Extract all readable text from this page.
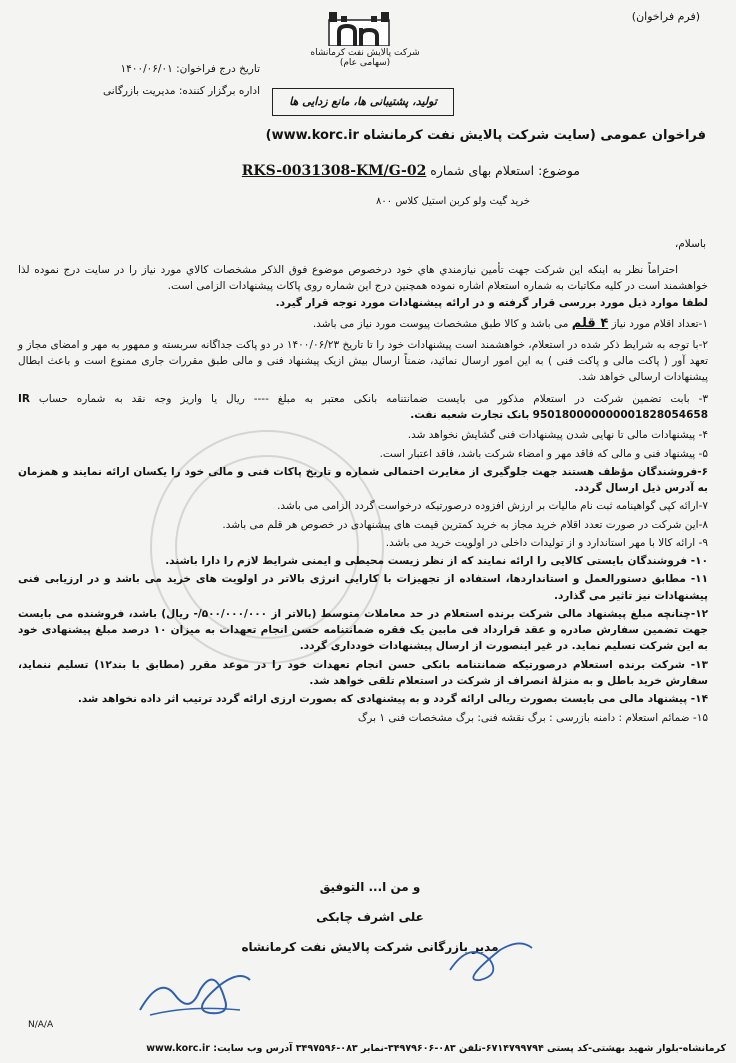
(فرم فراخوان)
شرکت پالایش نفت کرمانشاه (سهامی عام)
تولید، پشتیبانی ها، مانع زدایی ها
تاریخ درج فراخوان: ۱۴۰۰/۰۶/۰۱
اداره برگزار کننده: مدیریت بازرگانی
فراخوان عمومی (سایت شرکت پالایش نفت کرمانشاه www.korc.ir)
موضوع: استعلام بهای شماره RKS-0031308-KM/G-02
خرید گیت ولو کربن استیل کلاس ۸۰۰
باسلام،

احتراماً نظر به اینکه این شرکت جهت تأمین نیازمندي هاي خود درخصوص موضوع فوق الذکر مشخصات کالاي مورد نیاز را در سایت درج نموده لذا خواهشمند است در کلیه مکاتبات به شماره استعلام اشاره نموده همچنین درج این شماره روی پاکات پیشنهادات الزامی است.

لطفا موارد ذیل مورد بررسی قرار گرفته و در ارائه پیشنهادات مورد توجه قرار گیرد.

۱-تعداد اقلام مورد نیاز ۴ قلم می باشد و کالا طبق مشخصات پیوست مورد نیاز می باشد.

۲-با توجه به شرایط ذکر شده در استعلام، خواهشمند است پیشنهادات خود را تا تاریخ ۱۴۰۰/۰۶/۲۳ در دو پاکت جداگانه سربسته و ممهور به مهر و امضای مجاز و تعهد آور ( پاکت مالی و پاکت فنی ) به این امور ارسال نمائید، ضمناً ارسال بیش ازیک پیشنهاد فنی و مالی طبق مقررات جاری ممنوع است و باعث ابطال پیشنهادات ارسالی خواهد شد.

۳- بابت تضمین شرکت در استعلام مذکور می بایست ضمانتنامه بانکی معتبر به مبلغ ---- ریال یا واریز وجه نقد به شماره حساب IR 950180000000001828054658 بانک تجارت شعبه نفت.

۴- پیشنهادات مالی تا نهایی شدن پیشنهادات فنی گشایش نخواهد شد.

۵- پیشنهاد فنی و مالی که فاقد مهر و امضاء شرکت باشد، فاقد اعتبار است.

۶-فروشندگان مؤظف هستند جهت جلوگیری از مغایرت احتمالی شماره و تاریخ پاکات فنی و مالی خود را یکسان ارائه نمایند و همزمان به آدرس ذیل ارسال گردد.

۷-ارائه کپی گواهینامه ثبت نام مالیات بر ارزش افزوده درصورتیکه درخواست گردد الزامی می باشد.

۸-این شرکت در صورت تعدد اقلام خرید مجاز به خرید کمترین قیمت های پیشنهادی در خصوص هر قلم می باشد.

۹- ارائه کالا با مهر استاندارد و از تولیدات داخلی در اولویت خرید می باشد.

۱۰- فروشندگان بایستی کالایی را ارائه نمایند که از نظر زیست محیطی و ایمنی شرایط لازم را دارا باشند.

۱۱- مطابق دستورالعمل و استانداردها، استفاده از تجهیزات با کارایی انرژی بالاتر در اولویت های خرید می باشد و در ارزیابی فنی پیشنهادات نیز تاثیر می گذارد.

۱۲-چنانچه مبلغ پیشنهاد مالی شرکت برنده استعلام در حد معاملات متوسط (بالاتر از ۵۰۰/۰۰۰/۰۰۰/- ریال) باشد، فروشنده می بایست جهت تضمین سفارش صادره و عقد قرارداد فی مابین یک فقره ضمانتنامه حسن انجام تعهدات به میزان ۱۰ درصد مبلغ پیشنهادی خود به این شرکت تسلیم نماید. در غیر اینصورت از ارسال پیشنهادات خودداری گردد.

۱۳- شرکت برنده استعلام درصورتیکه ضمانتنامه بانکی حسن انجام تعهدات خود را در موعد مقرر (مطابق با بند۱۲) تسلیم ننماید، سفارش خرید باطل و به منزلهٔ انصراف از شرکت در استعلام تلقی خواهد شد.

۱۴- پیشنهاد مالی می بایست بصورت ریالی ارائه گردد و به پیشنهادی که بصورت ارزی ارائه گردد ترتیب اثر داده نخواهد شد.

۱۵- ضمائم استعلام : دامنه بازرسی : برگ نقشه فنی: برگ مشخصات فنی ۱ برگ

و من ا... التوفیق
علی اشرف چابکی
مدیر بازرگانی شرکت پالایش نفت کرمانشاه
N/A/A
کرمانشاه-بلوار شهید بهشتی-کد پستی ۶۷۱۴۷۹۹۷۹۴-تلفن ۰۸۳-۳۴۹۷۹۶۰۶-نمابر ۰۸۳-۳۴۹۷۵۹۶ آدرس وب سایت: www.korc.ir
